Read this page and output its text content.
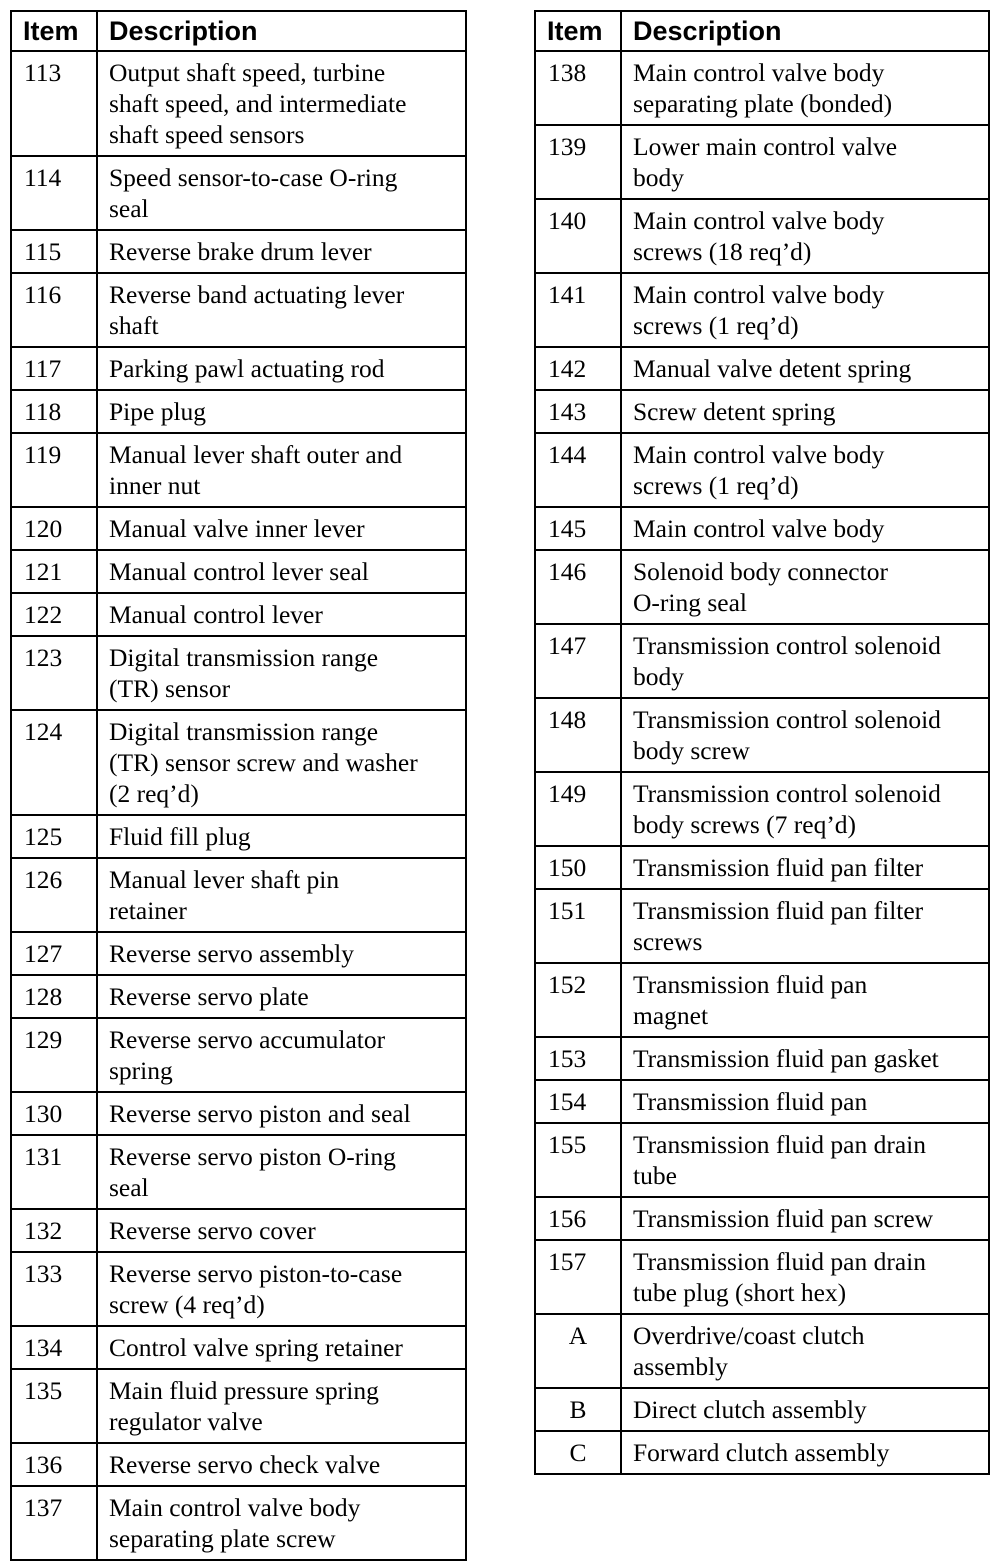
Item	Description
113	Output shaft speed, turbine
shaft speed, and intermediate
shaft speed sensors
114	Speed sensor-to-case O-ring
seal
115	Reverse brake drum lever
116	Reverse band actuating lever
shaft
117	Parking pawl actuating rod
118	Pipe plug
119	Manual lever shaft outer and
inner nut
120	Manual valve inner lever
121	Manual control lever seal
122	Manual control lever
123	Digital transmission range
(TR) sensor
124	Digital transmission range
(TR) sensor screw and washer
(2 req’d)
125	Fluid fill plug
126	Manual lever shaft pin
retainer
127	Reverse servo assembly
128	Reverse servo plate
129	Reverse servo accumulator
spring
130	Reverse servo piston and seal
131	Reverse servo piston O-ring
seal
132	Reverse servo cover
133	Reverse servo piston-to-case
screw (4 req’d)
134	Control valve spring retainer
135	Main fluid pressure spring
regulator valve
136	Reverse servo check valve
137	Main control valve body
separating plate screw
Item	Description
138	Main control valve body
separating plate (bonded)
139	Lower main control valve
body
140	Main control valve body
screws (18 req’d)
141	Main control valve body
screws (1 req’d)
142	Manual valve detent spring
143	Screw detent spring
144	Main control valve body
screws (1 req’d)
145	Main control valve body
146	Solenoid body connector
O-ring seal
147	Transmission control solenoid
body
148	Transmission control solenoid
body screw
149	Transmission control solenoid
body screws (7 req’d)
150	Transmission fluid pan filter
151	Transmission fluid pan filter
screws
152	Transmission fluid pan
magnet
153	Transmission fluid pan gasket
154	Transmission fluid pan
155	Transmission fluid pan drain
tube
156	Transmission fluid pan screw
157	Transmission fluid pan drain
tube plug (short hex)
A	Overdrive/coast clutch
assembly
B	Direct clutch assembly
C	Forward clutch assembly
